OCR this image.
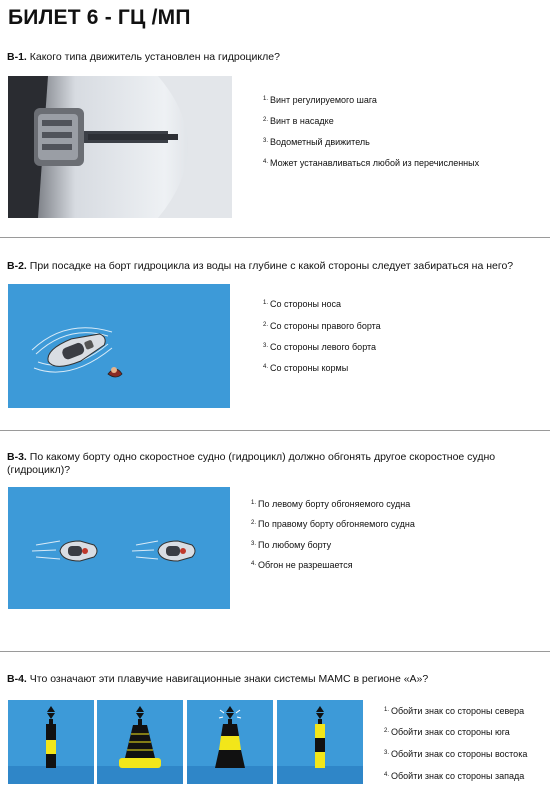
БИЛЕТ 6 - ГЦ /МП
В-1. Какого типа движитель установлен на гидроцикле?
$^{1.}$ Винт регулируемого шага
$^{2.}$ Винт в насадке
$^{3.}$ Водометный движитель
$^{4.}$ Может устанавливаться любой из перечисленных
В-2. При посадке на борт гидроцикла из воды на глубине с какой стороны следует забираться на него?
$^{1.}$ Со стороны носа
$^{2.}$ Со стороны правого борта
$^{3.}$ Со стороны левого борта
$^{4.}$ Со стороны кормы
В-3. По какому борту одно скоростное судно (гидроцикл) должно обгонять другое скоростное судно (гидроцикл)?
$^{1.}$ По левому борту обгоняемого судна
$^{2.}$ По правому борту обгоняемого судна
$^{3.}$ По любому борту
$^{4.}$ Обгон не разрешается
В-4. Что означают эти плавучие навигационные знаки системы МАМС в регионе «А»?
$^{1.}$ Обойти знак со стороны севера
$^{2.}$ Обойти знак со стороны юга
$^{3.}$ Обойти знак со стороны востока
$^{4.}$ Обойти знак со стороны запада
